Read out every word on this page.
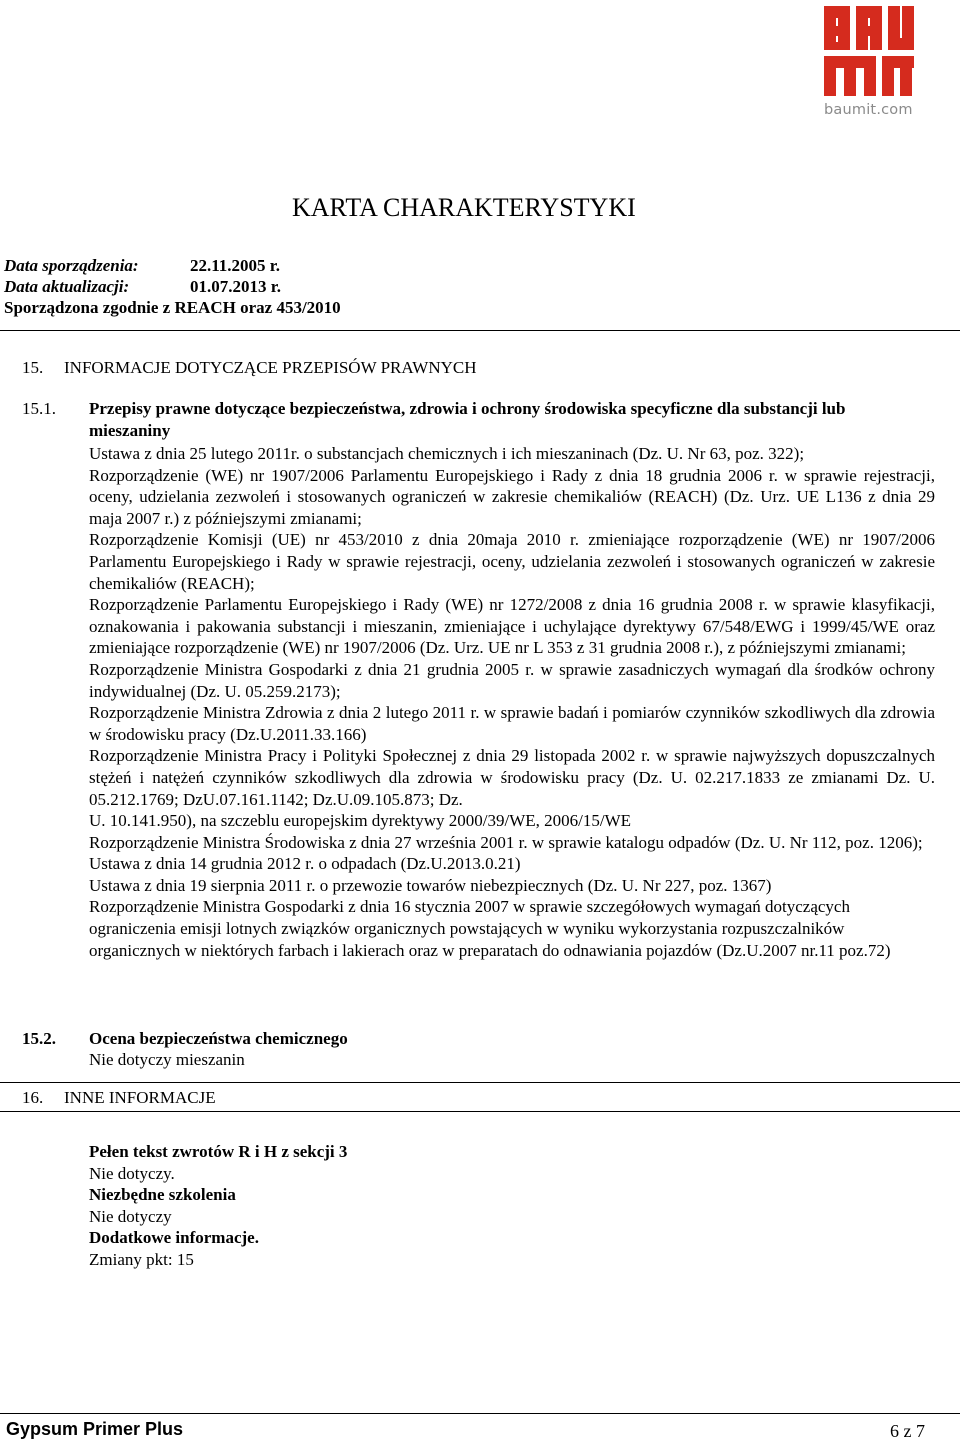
baumit.com
KARTA CHARAKTERYSTYKI
Data sporządzenia:	22.11.2005 r.
Data aktualizacji:	01.07.2013 r.
Sporządzona zgodnie z REACH oraz 453/2010
15. INFORMACJE DOTYCZĄCE PRZEPISÓW PRAWNYCH
15.1. Przepisy prawne dotyczące bezpieczeństwa, zdrowia i ochrony środowiska specyficzne dla substancji lub
mieszaniny

Ustawa z dnia 25 lutego 2011r. o substancjach chemicznych i ich mieszaninach (Dz. U. Nr 63, poz. 322);

Rozporządzenie (WE) nr 1907/2006 Parlamentu Europejskiego i Rady z dnia 18 grudnia 2006 r. w sprawie rejestracji, oceny, udzielania zezwoleń i stosowanych ograniczeń w zakresie chemikaliów (REACH) (Dz. Urz. UE L136 z dnia 29 maja 2007 r.) z późniejszymi zmianami;

Rozporządzenie Komisji (UE) nr 453/2010 z dnia 20maja 2010 r. zmieniające rozporządzenie (WE) nr 1907/2006 Parlamentu Europejskiego i Rady w sprawie rejestracji, oceny, udzielania zezwoleń i stosowanych ograniczeń w zakresie chemikaliów (REACH);

Rozporządzenie Parlamentu Europejskiego i Rady (WE) nr 1272/2008 z dnia 16 grudnia 2008 r. w sprawie klasyfikacji, oznakowania i pakowania substancji i mieszanin, zmieniające i uchylające dyrektywy 67/548/EWG i 1999/45/WE oraz zmieniające rozporządzenie (WE) nr 1907/2006 (Dz. Urz. UE nr L 353 z 31 grudnia 2008 r.), z późniejszymi zmianami;

Rozporządzenie Ministra Gospodarki z dnia 21 grudnia 2005 r. w sprawie zasadniczych wymagań dla środków ochrony indywidualnej (Dz. U. 05.259.2173);

Rozporządzenie Ministra Zdrowia z dnia 2 lutego 2011 r. w sprawie badań i pomiarów czynników szkodliwych dla zdrowia w środowisku pracy (Dz.U.2011.33.166)

Rozporządzenie Ministra Pracy i Polityki Społecznej z dnia 29 listopada 2002 r. w sprawie najwyższych dopuszczalnych stężeń i natężeń czynników szkodliwych dla zdrowia w środowisku pracy (Dz. U. 02.217.1833 ze zmianami Dz. U. 05.212.1769; DzU.07.161.1142; Dz.U.09.105.873; Dz.

U. 10.141.950), na szczeblu europejskim dyrektywy 2000/39/WE, 2006/15/WE

Rozporządzenie Ministra Środowiska z dnia 27 września 2001 r. w sprawie katalogu odpadów (Dz. U. Nr 112, poz. 1206);

Ustawa z dnia 14 grudnia 2012 r. o odpadach (Dz.U.2013.0.21)

Ustawa z dnia 19 sierpnia 2011 r. o przewozie towarów niebezpiecznych (Dz. U. Nr 227, poz. 1367)

Rozporządzenie Ministra Gospodarki z dnia 16 stycznia 2007 w sprawie szczegółowych wymagań dotyczących ograniczenia emisji lotnych związków organicznych powstających w wyniku wykorzystania rozpuszczalników organicznych w niektórych farbach i lakierach oraz w preparatach do odnawiania pojazdów (Dz.U.2007 nr.11 poz.72)

15.2. Ocena bezpieczeństwa chemicznego

Nie dotyczy mieszanin

16. INNE INFORMACJE

Pełen tekst zwrotów R i H z sekcji 3

Nie dotyczy.

Niezbędne szkolenia

Nie dotyczy

Dodatkowe informacje.

Zmiany pkt: 15

Gypsum Primer Plus	6 z 7
